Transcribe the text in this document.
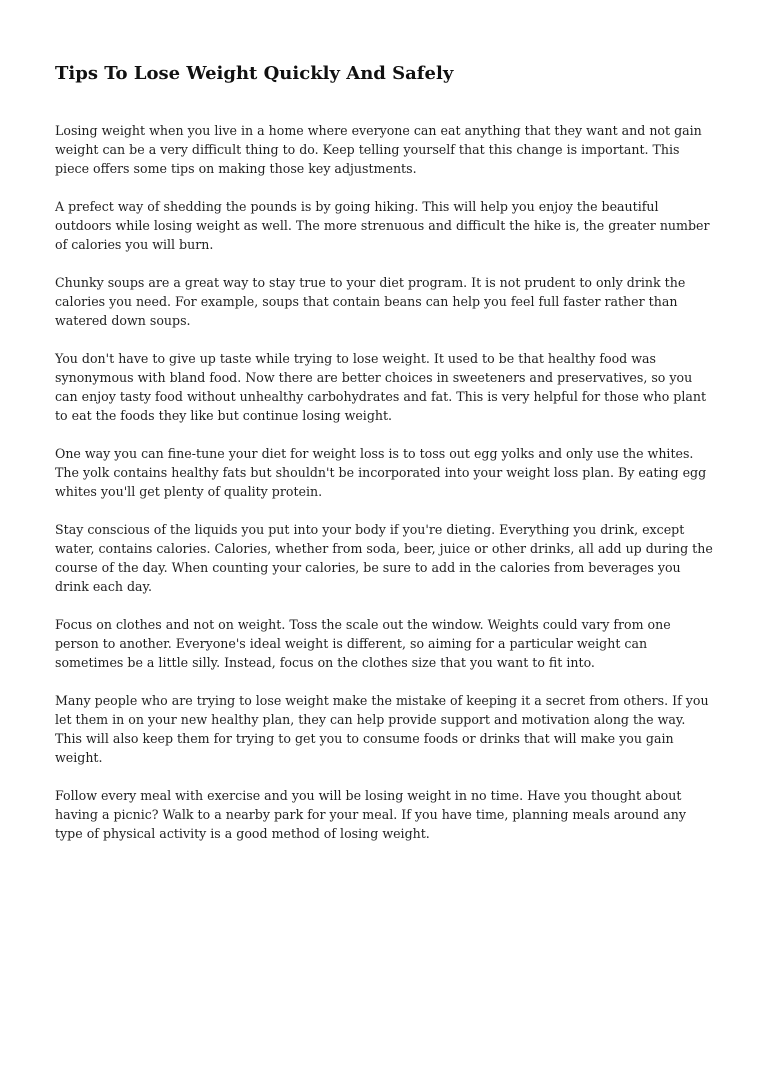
Tips To Lose Weight Quickly And Safely

Losing weight when you live in a home where everyone can eat anything that they want and not gain weight can be a very difficult thing to do. Keep telling yourself that this change is important. This piece offers some tips on making those key adjustments.

A prefect way of shedding the pounds is by going hiking. This will help you enjoy the beautiful outdoors while losing weight as well. The more strenuous and difficult the hike is, the greater number of calories you will burn.

Chunky soups are a great way to stay true to your diet program. It is not prudent to only drink the calories you need. For example, soups that contain beans can help you feel full faster rather than watered down soups.

You don't have to give up taste while trying to lose weight. It used to be that healthy food was synonymous with bland food. Now there are better choices in sweeteners and preservatives, so you can enjoy tasty food without unhealthy carbohydrates and fat. This is very helpful for those who plant to eat the foods they like but continue losing weight.

One way you can fine-tune your diet for weight loss is to toss out egg yolks and only use the whites. The yolk contains healthy fats but shouldn't be incorporated into your weight loss plan. By eating egg whites you'll get plenty of quality protein.

Stay conscious of the liquids you put into your body if you're dieting. Everything you drink, except water, contains calories. Calories, whether from soda, beer, juice or other drinks, all add up during the course of the day. When counting your calories, be sure to add in the calories from beverages you drink each day.

Focus on clothes and not on weight. Toss the scale out the window. Weights could vary from one person to another. Everyone's ideal weight is different, so aiming for a particular weight can sometimes be a little silly. Instead, focus on the clothes size that you want to fit into.

Many people who are trying to lose weight make the mistake of keeping it a secret from others. If you let them in on your new healthy plan, they can help provide support and motivation along the way. This will also keep them for trying to get you to consume foods or drinks that will make you gain weight.

Follow every meal with exercise and you will be losing weight in no time. Have you thought about having a picnic? Walk to a nearby park for your meal. If you have time, planning meals around any type of physical activity is a good method of losing weight.
